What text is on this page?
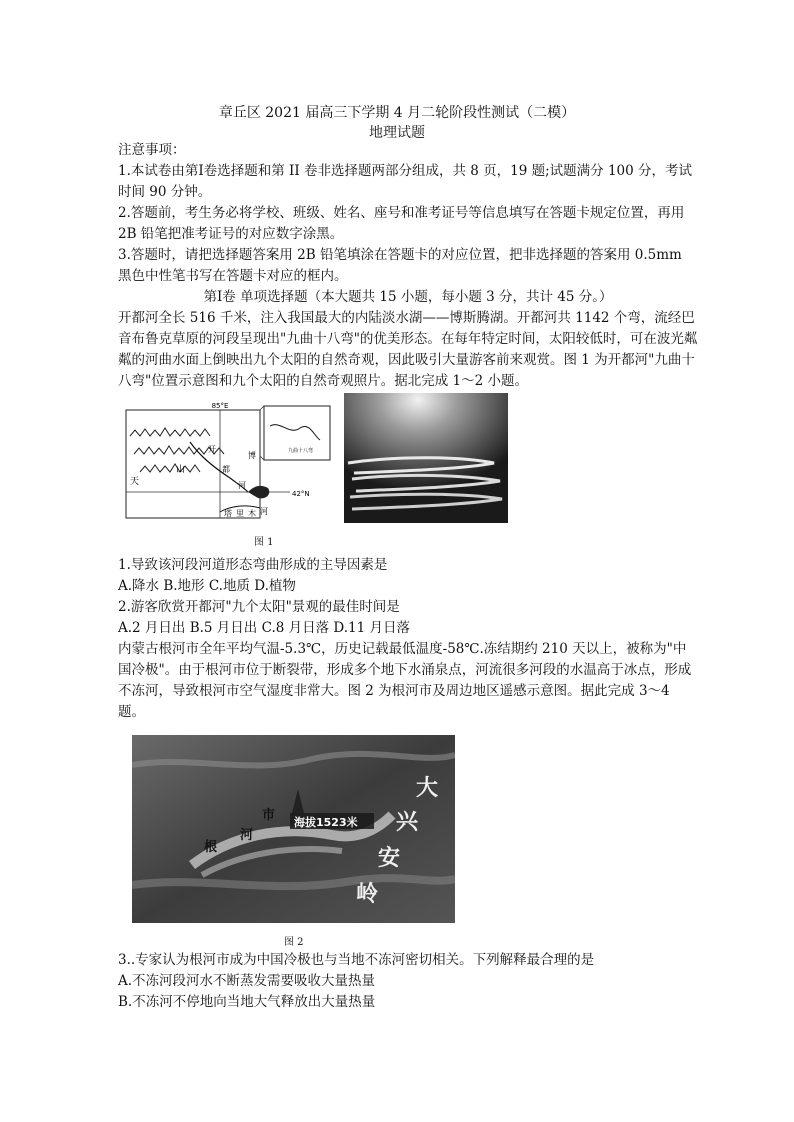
章丘区 2021 届高三下学期 4 月二轮阶段性测试（二模）
地理试题
注意事项：
1.本试卷由第Ⅰ卷选择题和第 II 卷非选择题两部分组成，共 8 页，19 题;试题满分 100 分，考试时间 90 分钟。
2.答题前，考生务必将学校、班级、姓名、座号和准考证号等信息填写在答题卡规定位置，再用 2B 铅笔把准考证号的对应数字涂黑。
3.答题时，请把选择题答案用 2B 铅笔填涂在答题卡的对应位置，把非选择题的答案用 0.5mm 黑色中性笔书写在答题卡对应的框内。
第Ⅰ卷 单项选择题（本大题共 15 小题，每小题 3 分，共计 45 分。）
开都河全长 516 千米，注入我国最大的内陆淡水湖——博斯腾湖。开都河共 1142 个弯，流经巴音布鲁克草原的河段呈现出"九曲十八弯"的优美形态。在每年特定时间，太阳较低时，可在波光粼粼的河曲水面上倒映出九个太阳的自然奇观，因此吸引大量游客前来观赏。图 1 为开都河"九曲十八弯"位置示意图和九个太阳的自然奇观照片。据北完成 1～2 小题。
85°E
42°N
九曲十八弯
天
山
开
都
河
博
塔 里 木 河
图 1
1.导致该河段河道形态弯曲形成的主导因素是
A.降水 B.地形 C.地质 D.植物
2.游客欣赏开都河"九个太阳"景观的最佳时间是
A.2 月日出 B.5 月日出 C.8 月日落 D.11 月日落
内蒙古根河市全年平均气温-5.3℃，历史记载最低温度-58℃.冻结期约 210 天以上，被称为"中国冷极"。由于根河市位于断裂带，形成多个地下水涌泉点，河流很多河段的水温高于冰点，形成不冻河，导致根河市空气湿度非常大。图 2 为根河市及周边地区遥感示意图。据此完成 3～4 题。
市
河
根
海拔1523米
大
兴
安
岭
图 2
3..专家认为根河市成为中国冷极也与当地不冻河密切相关。下列解释最合理的是
A.不冻河段河水不断蒸发需要吸收大量热量
B.不冻河不停地向当地大气释放出大量热量
